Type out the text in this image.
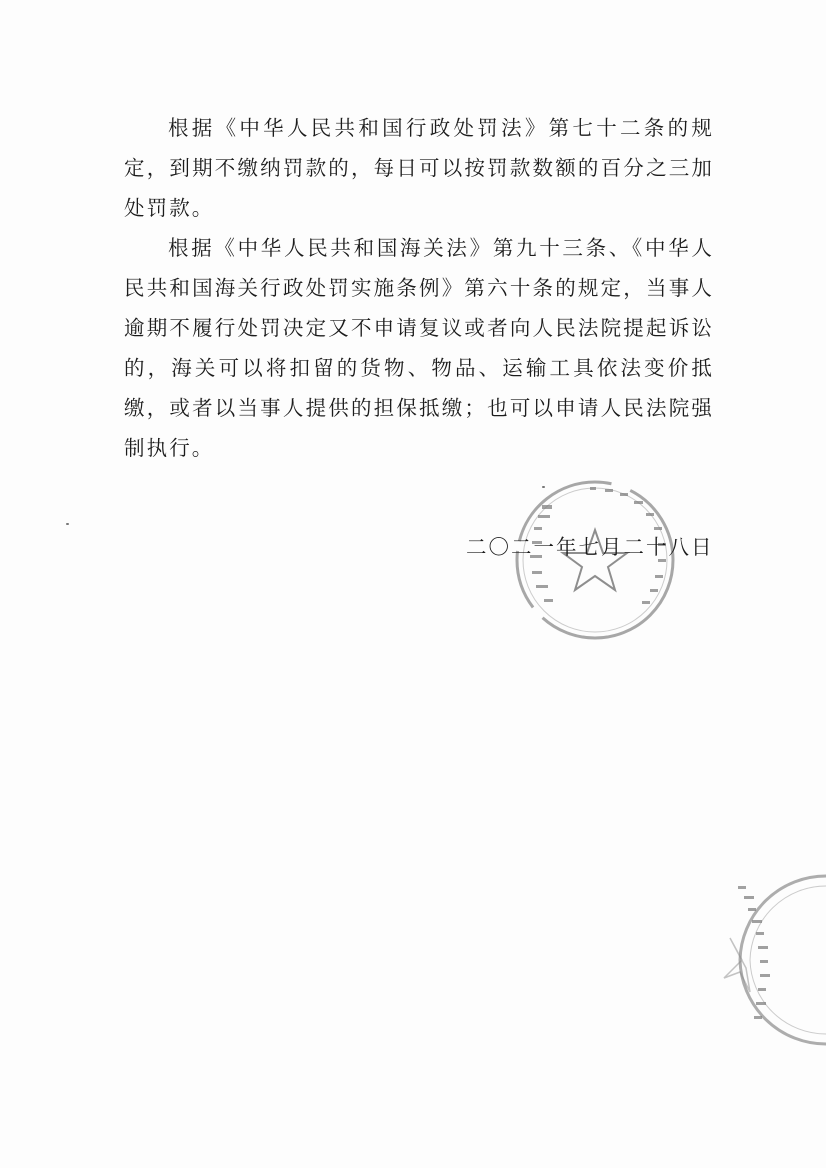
根据《中华人民共和国行政处罚法》第七十二条的规定，到期不缴纳罚款的，每日可以按罚款数额的百分之三加处罚款。

根据《中华人民共和国海关法》第九十三条、《中华人民共和国海关行政处罚实施条例》第六十条的规定，当事人逾期不履行处罚决定又不申请复议或者向人民法院提起诉讼的，海关可以将扣留的货物、物品、运输工具依法变价抵缴，或者以当事人提供的担保抵缴；也可以申请人民法院强制执行。

二〇二一年七月二十八日
